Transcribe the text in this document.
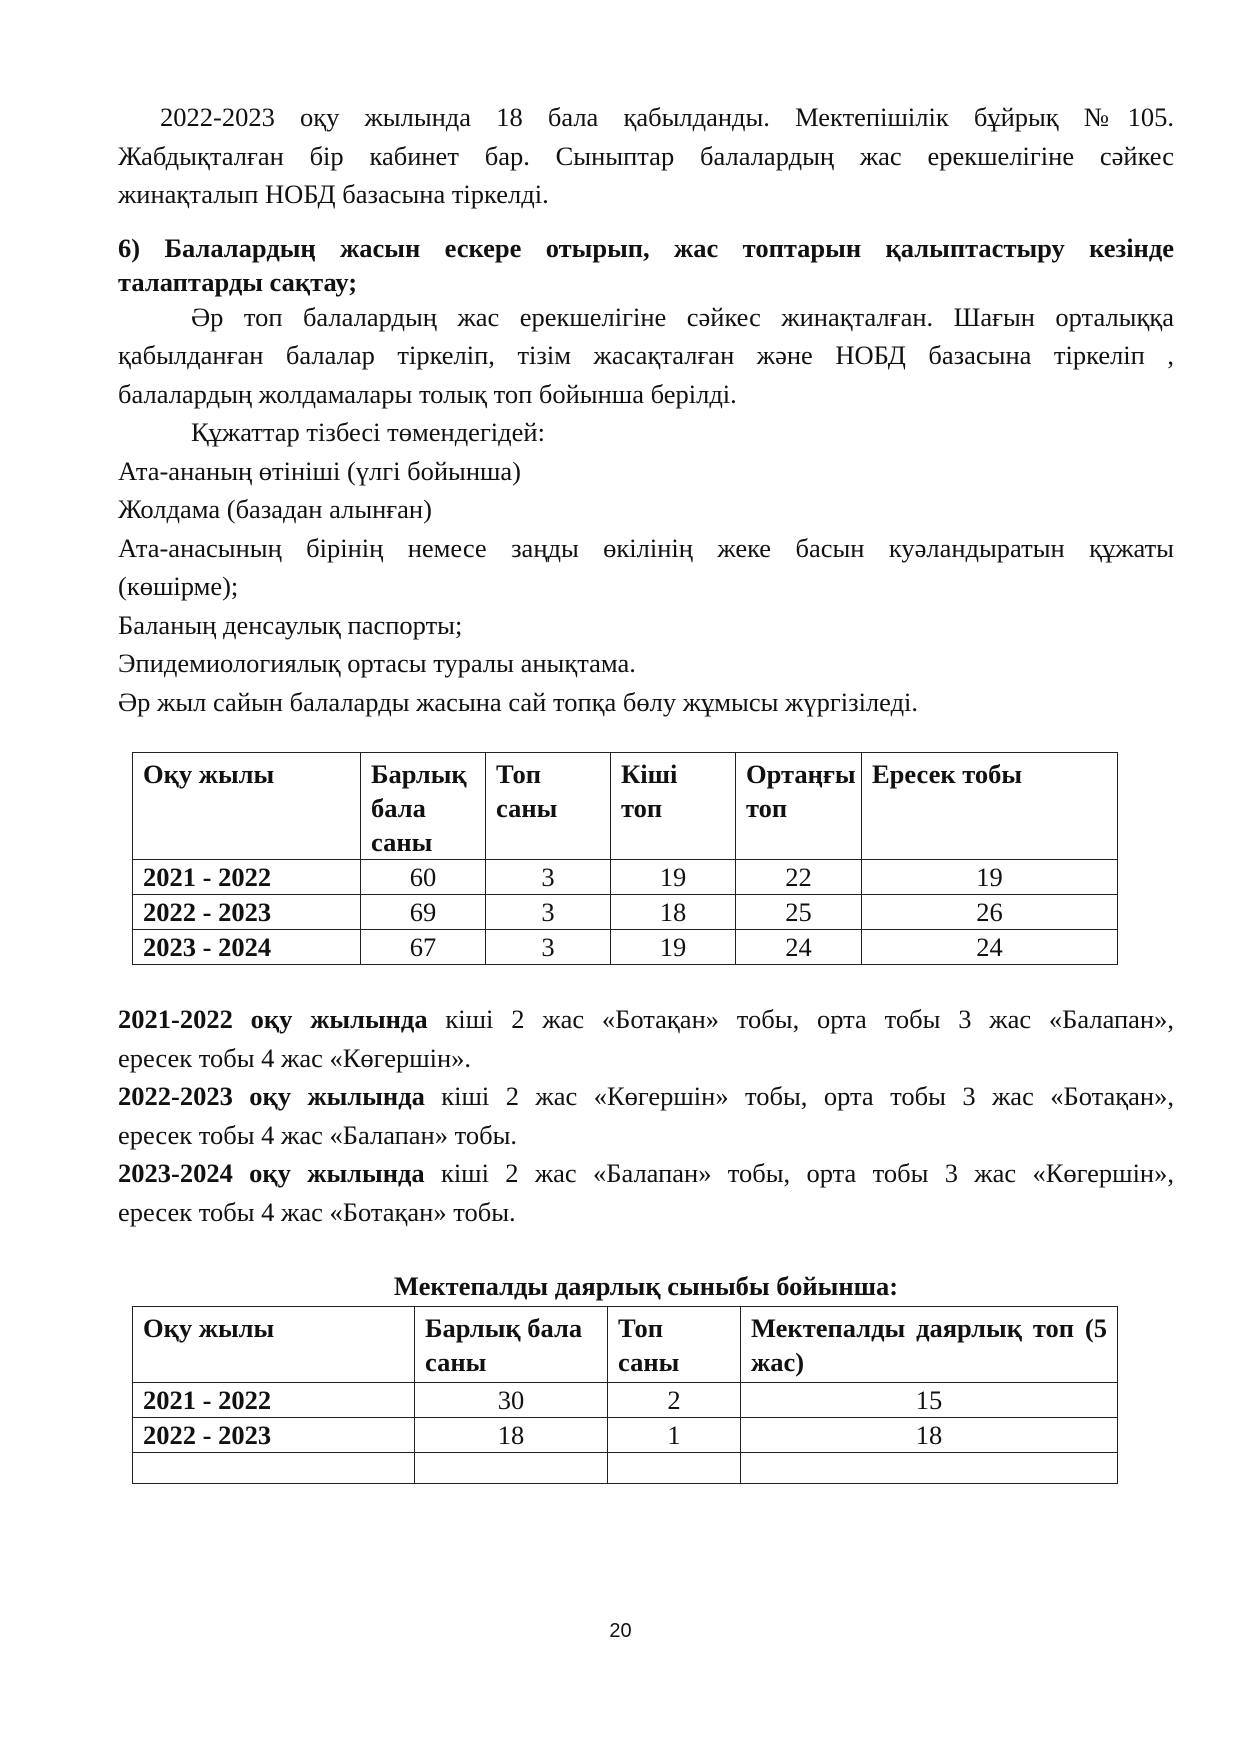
2022-2023 оқу жылында 18 бала қабылданды. Мектепішілік бұйрық №105.

Жабдықталған бір кабинет бар. Сыныптар балалардың жас ерекшелігіне сәйкес

жинақталып НОБД базасына тіркелді.

6) Балалардың жасын ескере отырып, жас топтарын қалыптастыру кезінде

талаптарды сақтау;

Әр топ балалардың жас ерекшелігіне сәйкес жинақталған. Шағын орталыққа

қабылданған балалар тіркеліп, тізім жасақталған және НОБД базасына тіркеліп ,

балалардың жолдамалары толық топ бойынша берілді.

Құжаттар тізбесі төмендегідей:

Ата-ананың өтініші (үлгі бойынша)

Жолдама (базадан алынған)

Ата-анасының бірінің немесе заңды өкілінің жеке басын куәландыратын құжаты

(көшірме);

Баланың денсаулық паспорты;

Эпидемиологиялық ортасы туралы анықтама.

Әр жыл сайын балаларды жасына сай топқа бөлу жұмысы жүргізіледі.

Оқу жылы	Барлық бала саны	Топ саны	Кіші топ	Ортаңғы топ	Ересек тобы
2021 - 2022	60	3	19	22	19
2022 - 2023	69	3	18	25	26
2023 - 2024	67	3	19	24	24

2021-2022 оқу жылында кіші 2 жас «Ботақан» тобы, орта тобы 3 жас «Балапан»,

ересек тобы 4 жас «Көгершін».

2022-2023 оқу жылында кіші 2 жас «Көгершін» тобы, орта тобы 3 жас «Ботақан»,

ересек тобы 4 жас «Балапан» тобы.

2023-2024 оқу жылында кіші 2 жас «Балапан» тобы, орта тобы 3 жас «Көгершін»,

ересек тобы 4 жас «Ботақан» тобы.

Мектепалды даярлық сыныбы бойынша:

Оқу жылы	Барлық бала саны	Топ саны	Мектепалды даярлық топ (5 жас)
2021 - 2022	30	2	15
2022 - 2023	18	1	18

20
